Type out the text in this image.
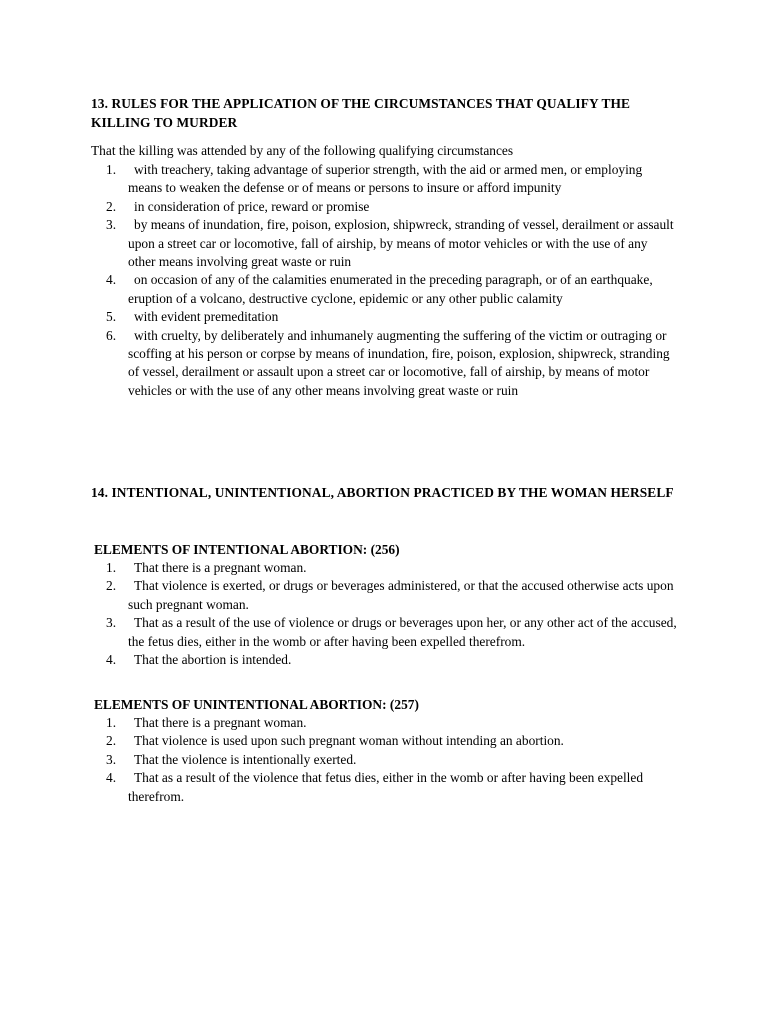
13. RULES FOR THE APPLICATION OF THE CIRCUMSTANCES THAT QUALIFY THE KILLING TO MURDER
That the killing was attended by any of the following qualifying circumstances
1.	with treachery, taking advantage of superior strength, with the aid or armed men, or employing means to weaken the defense or of means or persons to insure or afford impunity
2.	in consideration of price, reward or promise
3.	by means of inundation, fire, poison, explosion, shipwreck, stranding of vessel, derailment or assault upon a street car or locomotive, fall of airship, by means of motor vehicles or with the use of any other means involving great waste or ruin
4.	on occasion of any of the calamities enumerated in the preceding paragraph, or of an earthquake, eruption of a volcano, destructive cyclone, epidemic or any other public calamity
5.	with evident premeditation
6.	with cruelty, by deliberately and inhumanely augmenting the suffering of the victim or outraging or scoffing at his person or corpse by means of inundation, fire, poison, explosion, shipwreck, stranding of vessel, derailment or assault upon a street car or locomotive, fall of airship, by means of motor vehicles or with the use of any other means involving great waste or ruin
14. INTENTIONAL, UNINTENTIONAL, ABORTION PRACTICED BY THE WOMAN HERSELF
ELEMENTS OF INTENTIONAL ABORTION: (256)
1.	That there is a pregnant woman.
2.	That violence is exerted, or drugs or beverages administered, or that the accused otherwise acts upon such pregnant woman.
3.	That as a result of the use of violence or drugs or beverages upon her, or any other act of the accused, the fetus dies, either in the womb or after having been expelled therefrom.
4.	That the abortion is intended.
ELEMENTS OF UNINTENTIONAL ABORTION: (257)
1.	That there is a pregnant woman.
2.	That violence is used upon such pregnant woman without intending an abortion.
3.	That the violence is intentionally exerted.
4.	That as a result of the violence that fetus dies, either in the womb or after having been expelled therefrom.
